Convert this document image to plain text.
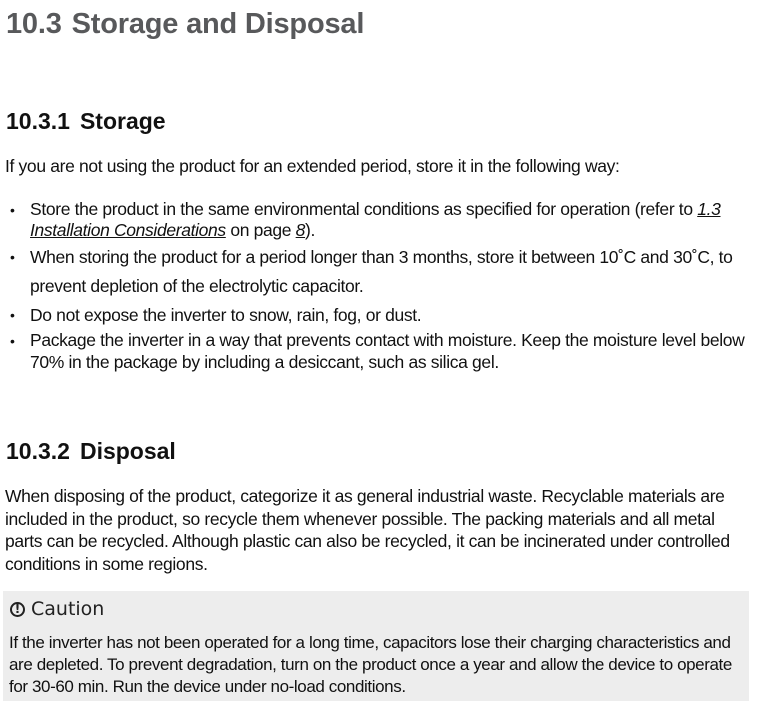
10.3 Storage and Disposal
10.3.1 Storage
If you are not using the product for an extended period, store it in the following way:
• Store the product in the same environmental conditions as specified for operation (refer to 1.3 Installation Considerations on page 8).
• When storing the product for a period longer than 3 months, store it between 10˚C and 30˚C, to prevent depletion of the electrolytic capacitor.
• Do not expose the inverter to snow, rain, fog, or dust.
• Package the inverter in a way that prevents contact with moisture. Keep the moisture level below 70% in the package by including a desiccant, such as silica gel.
10.3.2 Disposal
When disposing of the product, categorize it as general industrial waste. Recyclable materials are included in the product, so recycle them whenever possible. The packing materials and all metal parts can be recycled. Although plastic can also be recycled, it can be incinerated under controlled conditions in some regions.
! Caution
If the inverter has not been operated for a long time, capacitors lose their charging characteristics and are depleted. To prevent degradation, turn on the product once a year and allow the device to operate for 30-60 min. Run the device under no-load conditions.
